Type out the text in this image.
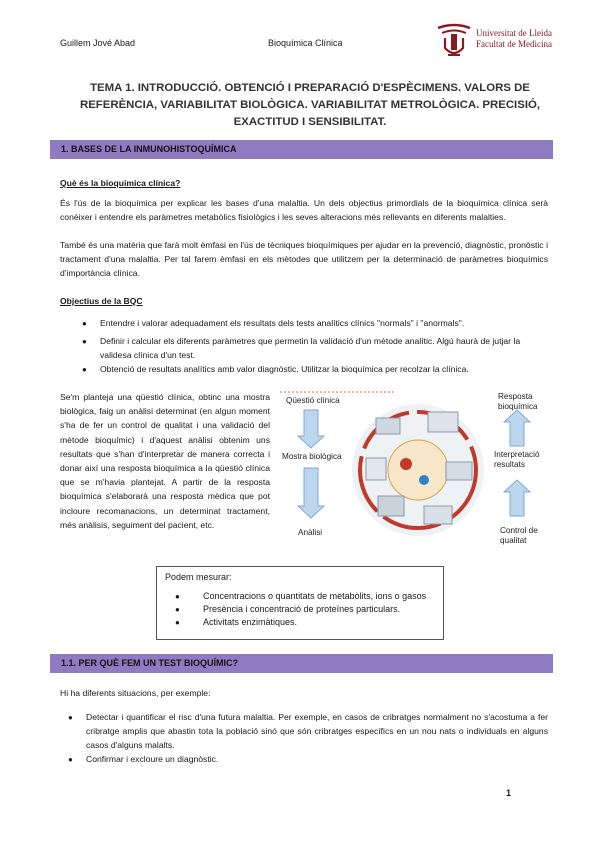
Guillem Jové Abad	Bioquímica Clínica
Universitat de Lleida
Facultat de Medicina
TEMA 1. INTRODUCCIÓ. OBTENCIÓ I PREPARACIÓ D'ESPÈCIMENS. VALORS DE REFERÈNCIA, VARIABILITAT BIOLÒGICA. VARIABILITAT METROLÒGICA. PRECISIÓ, EXACTITUD I SENSIBILITAT.
1. BASES DE LA INMUNOHISTOQUÍMICA
Què és la bioquímica clínica?
És l'ús de la bioquímica per explicar les bases d'una malaltia. Un dels objectius primordials de la bioquímica clínica serà conèixer i entendre els paràmetres metabòlics fisiològics i les seves alteracions més rellevants en diferents malalties.
També és una matèria que farà molt èmfasi en l'ús de tècniques bioquímiques per ajudar en la prevenció, diagnòstic, pronòstic i tractament d'una malaltia. Per tal farem èmfasi en els mètodes que utilitzem per la determinació de paràmetres bioquímics d'importància clínica.
Objectius de la BQC
● Entendre i valorar adequadament els resultats dels tests analítics clínics "normals" i "anormals".
● Definir i calcular els diferents paràmetres que permetin la validació d'un mètode analític. Algú haurà de jutjar la validesa clínica d'un test.
● Obtenció de resultats analítics amb valor diagnòstic. Utilitzar la bioquímica per recolzar la clínica.
Se'm planteja una qüestió clínica, obtinc una mostra biològica, faig un anàlisi determinat (en algun moment s'ha de fer un control de qualitat i una validació del mètode bioquímic) i d'aquest anàlisi obtenim uns resultats que s'han d'interpretar de manera correcta i donar així una resposta bioquímica a la qüestió clínica que se m'havia plantejat. A partir de la resposta bioquímica s'elaborarà una resposta mèdica que pot incloure recomanacions, un determinat tractament, més anàlisis, seguiment del pacient, etc.
Qüestió clínica
Mostra biològica
Anàlisi
Resposta bioquímica
Interpretació resultats
Control de qualitat
Podem mesurar:
●	Concentracions o quantitats de metabòlits, ions o gasos
●	Presència i concentració de proteïnes particulars.
●	Activitats enzimàtiques.
1.1. PER QUÈ FEM UN TEST BIOQUÍMIC?
Hi ha diferents situacions, per exemple:
● Detectar i quantificar el risc d'una futura malaltia. Per exemple, en casos de cribratges normalment no s'acostuma a fer cribratge amplis que abastin tota la població sinó que són cribratges específics en un nou nats o individuals en alguns casos d'alguns malalts.
● Confirmar i excloure un diagnòstic.
1
